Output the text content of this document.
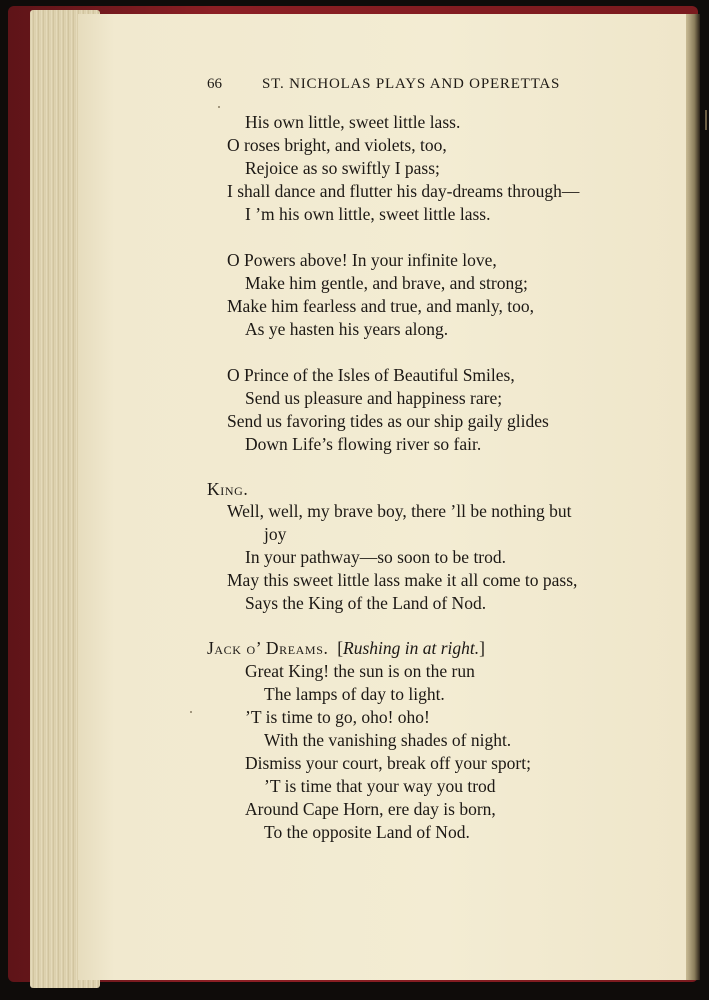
66	ST. NICHOLAS PLAYS AND OPERETTAS
His own little, sweet little lass.
O roses bright, and violets, too,
Rejoice as so swiftly I pass;
I shall dance and flutter his day-dreams through—
I ’m his own little, sweet little lass.
O Powers above! In your infinite love,
Make him gentle, and brave, and strong;
Make him fearless and true, and manly, too,
As ye hasten his years along.
O Prince of the Isles of Beautiful Smiles,
Send us pleasure and happiness rare;
Send us favoring tides as our ship gaily glides
Down Life’s flowing river so fair.
King.
Well, well, my brave boy, there ’ll be nothing but
joy
In your pathway—so soon to be trod.
May this sweet little lass make it all come to pass,
Says the King of the Land of Nod.
Jack o’ Dreams. [Rushing in at right.]
Great King! the sun is on the run
The lamps of day to light.
’T is time to go, oho! oho!
With the vanishing shades of night.
Dismiss your court, break off your sport;
’T is time that your way you trod
Around Cape Horn, ere day is born,
To the opposite Land of Nod.
